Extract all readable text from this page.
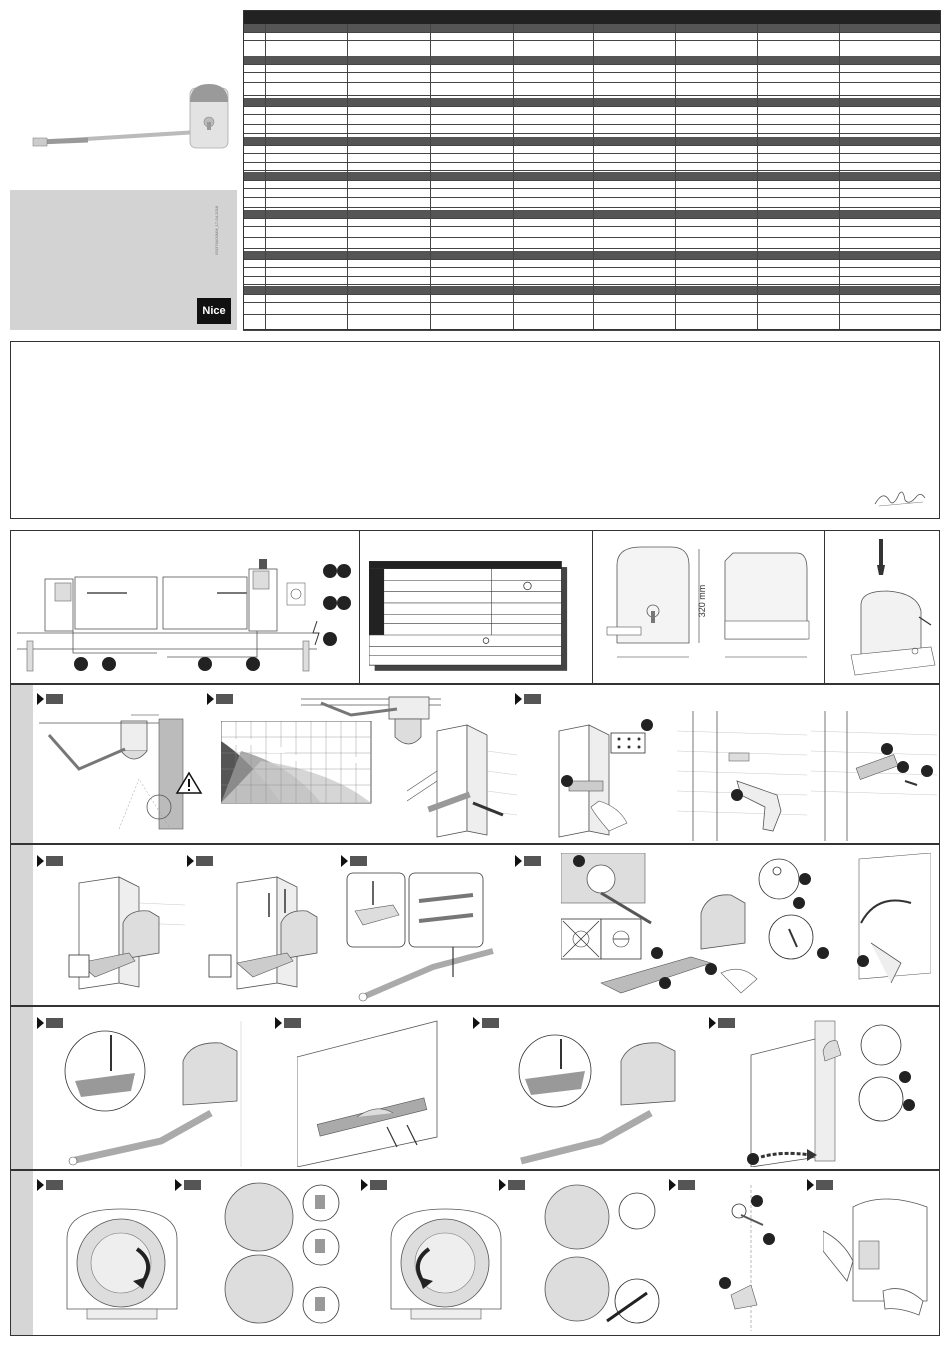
IS0376A00MM_17-04-2018
Nice
320 mm
